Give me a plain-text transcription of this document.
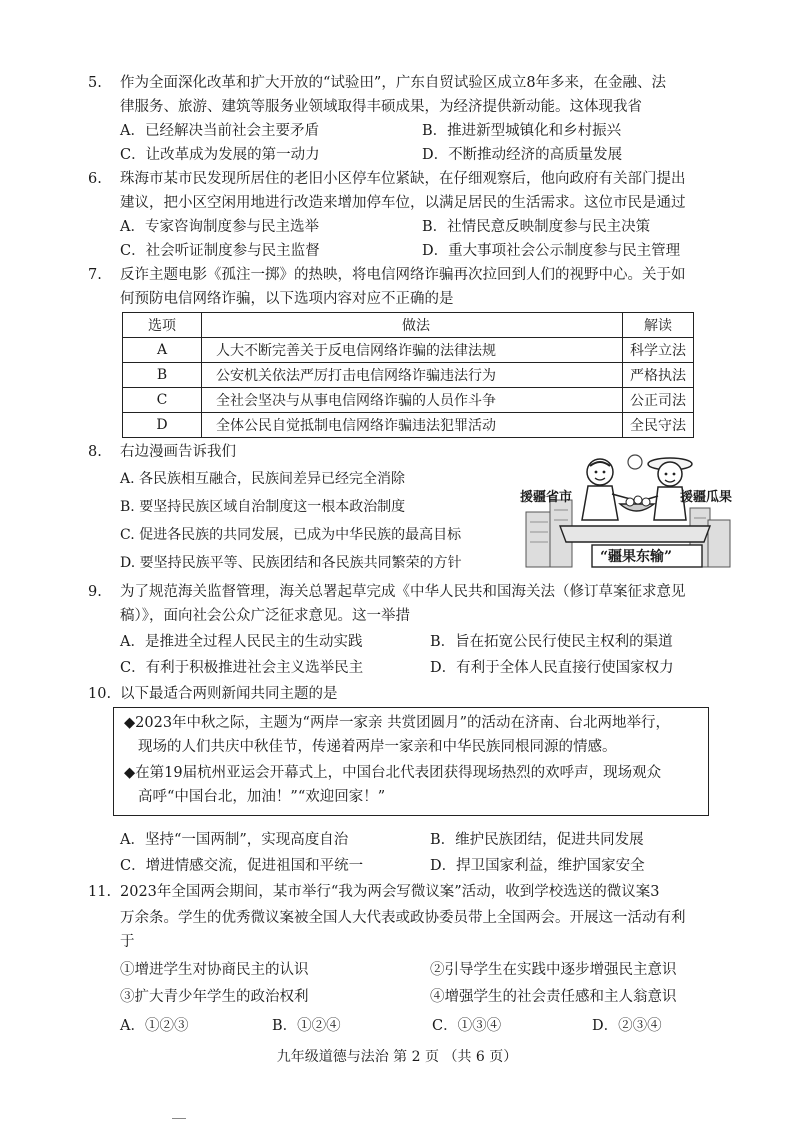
5. 作为全面深化改革和扩大开放的“试验田”，广东自贸试验区成立8年多来，在金融、法
律服务、旅游、建筑等服务业领域取得丰硕成果，为经济提供新动能。这体现我省
A．已经解决当前社会主要矛盾	B．推进新型城镇化和乡村振兴
C．让改革成为发展的第一动力	D．不断推动经济的高质量发展
6. 珠海市某市民发现所居住的老旧小区停车位紧缺，在仔细观察后，他向政府有关部门提出
建议，把小区空闲用地进行改造来增加停车位，以满足居民的生活需求。这位市民是通过
A．专家咨询制度参与民主选举	B．社情民意反映制度参与民主决策
C．社会听证制度参与民主监督	D．重大事项社会公示制度参与民主管理
7. 反诈主题电影《孤注一掷》的热映，将电信网络诈骗再次拉回到人们的视野中心。关于如
何预防电信网络诈骗，以下选项内容对应不正确的是
选项	做法	解读
A	人大不断完善关于反电信网络诈骗的法律法规	科学立法
B	公安机关依法严厉打击电信网络诈骗违法行为	严格执法
C	全社会坚决与从事电信网络诈骗的人员作斗争	公正司法
D	全体公民自觉抵制电信网络诈骗违法犯罪活动	全民守法
8. 右边漫画告诉我们
A. 各民族相互融合，民族间差异已经完全消除
B. 要坚持民族区域自治制度这一根本政治制度
C. 促进各民族的共同发展，已成为中华民族的最高目标
D. 要坚持民族平等、民族团结和各民族共同繁荣的方针
援疆省市	援疆瓜果
“疆果东输”
9. 为了规范海关监督管理，海关总署起草完成《中华人民共和国海关法（修订草案征求意见
稿）》，面向社会公众广泛征求意见。这一举措
A．是推进全过程人民民主的生动实践	B．旨在拓宽公民行使民主权利的渠道
C．有利于积极推进社会主义选举民主	D．有利于全体人民直接行使国家权力
10. 以下最适合两则新闻共同主题的是
◆2023年中秋之际，主题为“两岸一家亲 共赏团圆月”的活动在济南、台北两地举行，
现场的人们共庆中秋佳节，传递着两岸一家亲和中华民族同根同源的情感。
◆在第19届杭州亚运会开幕式上，中国台北代表团获得现场热烈的欢呼声，现场观众
高呼“中国台北，加油！”“欢迎回家！”
A．坚持“一国两制”，实现高度自治	B．维护民族团结，促进共同发展
C．增进情感交流，促进祖国和平统一	D．捍卫国家利益，维护国家安全
11. 2023年全国两会期间，某市举行“我为两会写微议案”活动，收到学校选送的微议案3
万余条。学生的优秀微议案被全国人大代表或政协委员带上全国两会。开展这一活动有利
于
①增进学生对协商民主的认识	②引导学生在实践中逐步增强民主意识
③扩大青少年学生的政治权利	④增强学生的社会责任感和主人翁意识
A．①②③	B．①②④	C．①③④	D．②③④
九年级道德与法治 第 2 页 （共 6 页）
